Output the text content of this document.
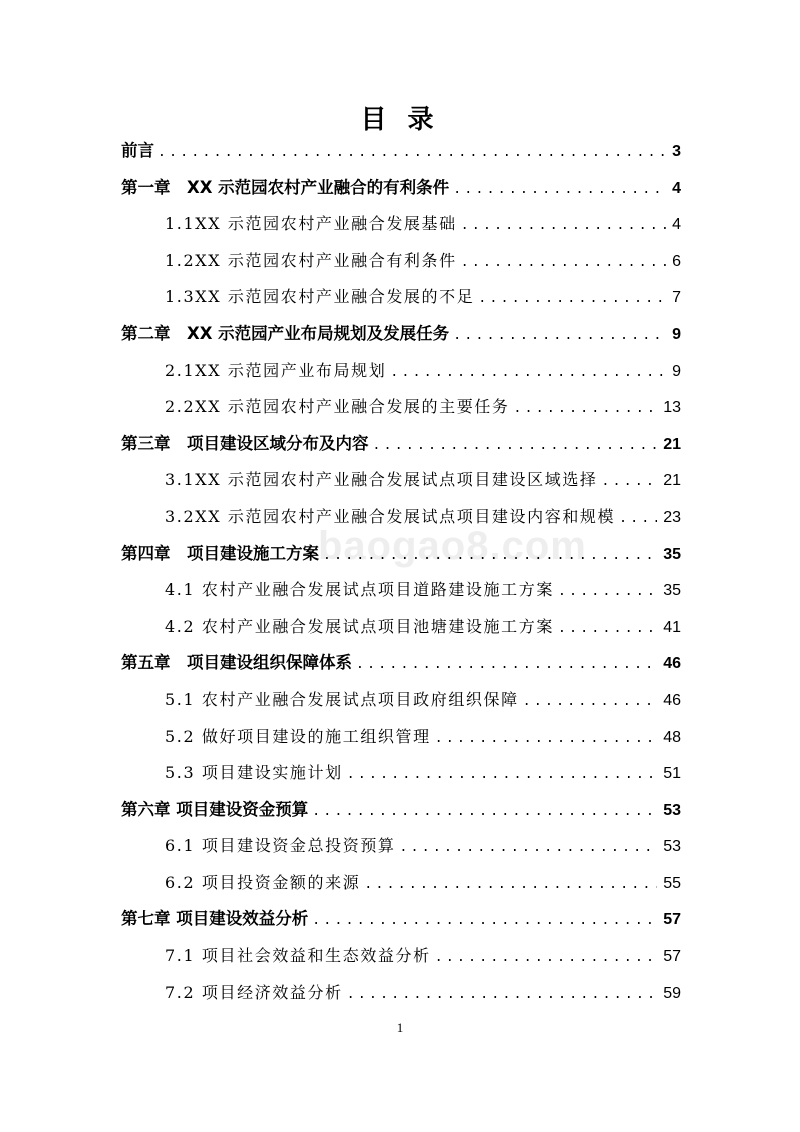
目 录
baogao8.com
前言 .....	3
第一章　XX 示范园农村产业融合的有利条件 .....	4
1.1XX 示范园农村产业融合发展基础 .....	4
1.2XX 示范园农村产业融合有利条件 .....	6
1.3XX 示范园农村产业融合发展的不足 .....	7
第二章　XX 示范园产业布局规划及发展任务 .....	9
2.1XX 示范园产业布局规划 .....	9
2.2XX 示范园农村产业融合发展的主要任务 .....	13
第三章　项目建设区域分布及内容 .....	21
3.1XX 示范园农村产业融合发展试点项目建设区域选择 .....	21
3.2XX 示范园农村产业融合发展试点项目建设内容和规模 .....	23
第四章　项目建设施工方案 .....	35
4.1 农村产业融合发展试点项目道路建设施工方案 .....	35
4.2 农村产业融合发展试点项目池塘建设施工方案 .....	41
第五章　项目建设组织保障体系 .....	46
5.1 农村产业融合发展试点项目政府组织保障 .....	46
5.2 做好项目建设的施工组织管理 .....	48
5.3 项目建设实施计划 .....	51
第六章 项目建设资金预算 .....	53
6.1 项目建设资金总投资预算 .....	53
6.2 项目投资金额的来源 .....	55
第七章 项目建设效益分析 .....	57
7.1 项目社会效益和生态效益分析 .....	57
7.2 项目经济效益分析 .....	59
1
